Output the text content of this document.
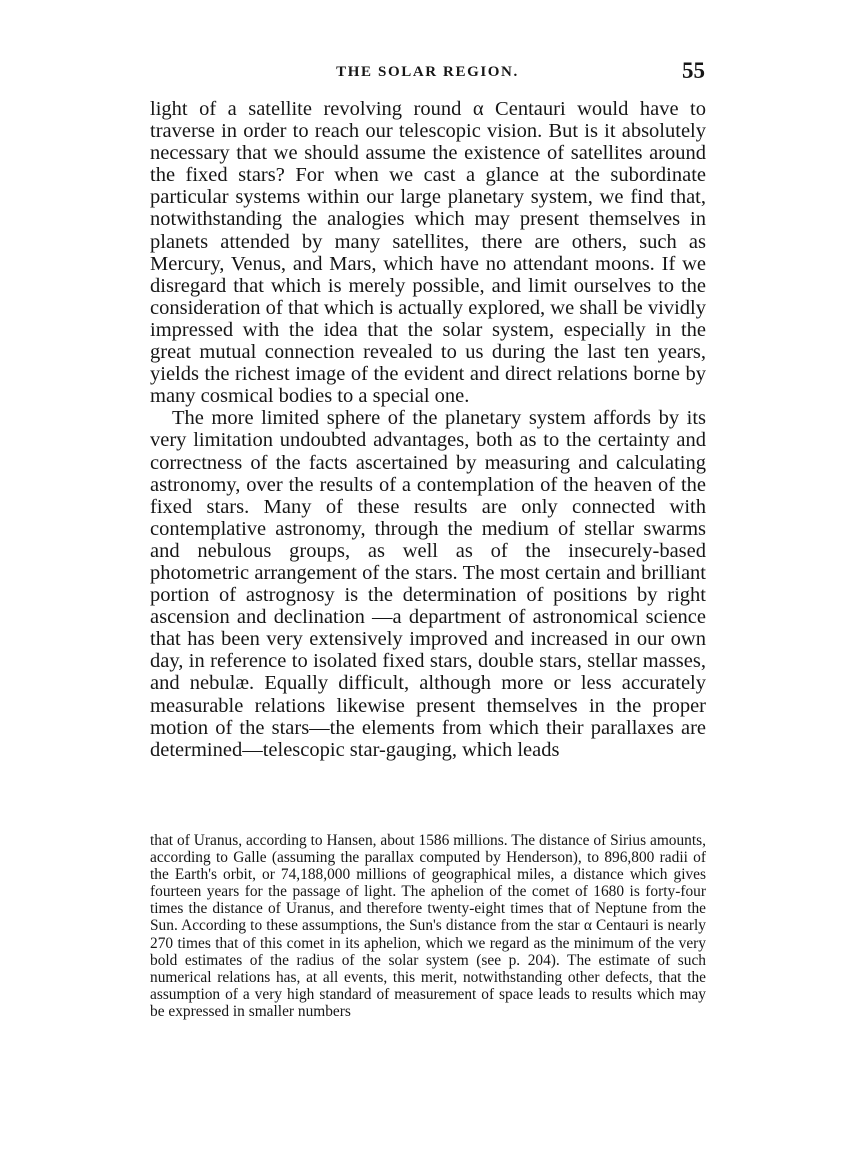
THE SOLAR REGION.	55

light of a satellite revolving round α Centauri would have to traverse in order to reach our telescopic vision. But is it absolutely necessary that we should assume the existence of satellites around the fixed stars? For when we cast a glance at the subordinate particular systems within our large planetary system, we find that, notwithstanding the analogies which may present themselves in planets attended by many satellites, there are others, such as Mercury, Venus, and Mars, which have no attendant moons. If we disregard that which is merely possible, and limit ourselves to the consideration of that which is actually explored, we shall be vividly impressed with the idea that the solar system, especially in the great mutual connection revealed to us during the last ten years, yields the richest image of the evident and direct relations borne by many cosmical bodies to a special one.

The more limited sphere of the planetary system affords by its very limitation undoubted advantages, both as to the certainty and correctness of the facts ascertained by measuring and calculating astronomy, over the results of a contemplation of the heaven of the fixed stars. Many of these results are only connected with contemplative astronomy, through the medium of stellar swarms and nebulous groups, as well as of the insecurely-based photometric arrangement of the stars. The most certain and brilliant portion of astrognosy is the determination of positions by right ascension and declination —a department of astronomical science that has been very extensively improved and increased in our own day, in reference to isolated fixed stars, double stars, stellar masses, and nebulæ. Equally difficult, although more or less accurately measurable relations likewise present themselves in the proper motion of the stars—the elements from which their parallaxes are determined—telescopic star-gauging, which leads

that of Uranus, according to Hansen, about 1586 millions. The distance of Sirius amounts, according to Galle (assuming the parallax computed by Henderson), to 896,800 radii of the Earth's orbit, or 74,188,000 millions of geographical miles, a distance which gives fourteen years for the passage of light. The aphelion of the comet of 1680 is forty-four times the distance of Uranus, and therefore twenty-eight times that of Neptune from the Sun. According to these assumptions, the Sun's distance from the star α Centauri is nearly 270 times that of this comet in its aphelion, which we regard as the minimum of the very bold estimates of the radius of the solar system (see p. 204). The estimate of such numerical relations has, at all events, this merit, notwithstanding other defects, that the assumption of a very high standard of measurement of space leads to results which may be expressed in smaller numbers
